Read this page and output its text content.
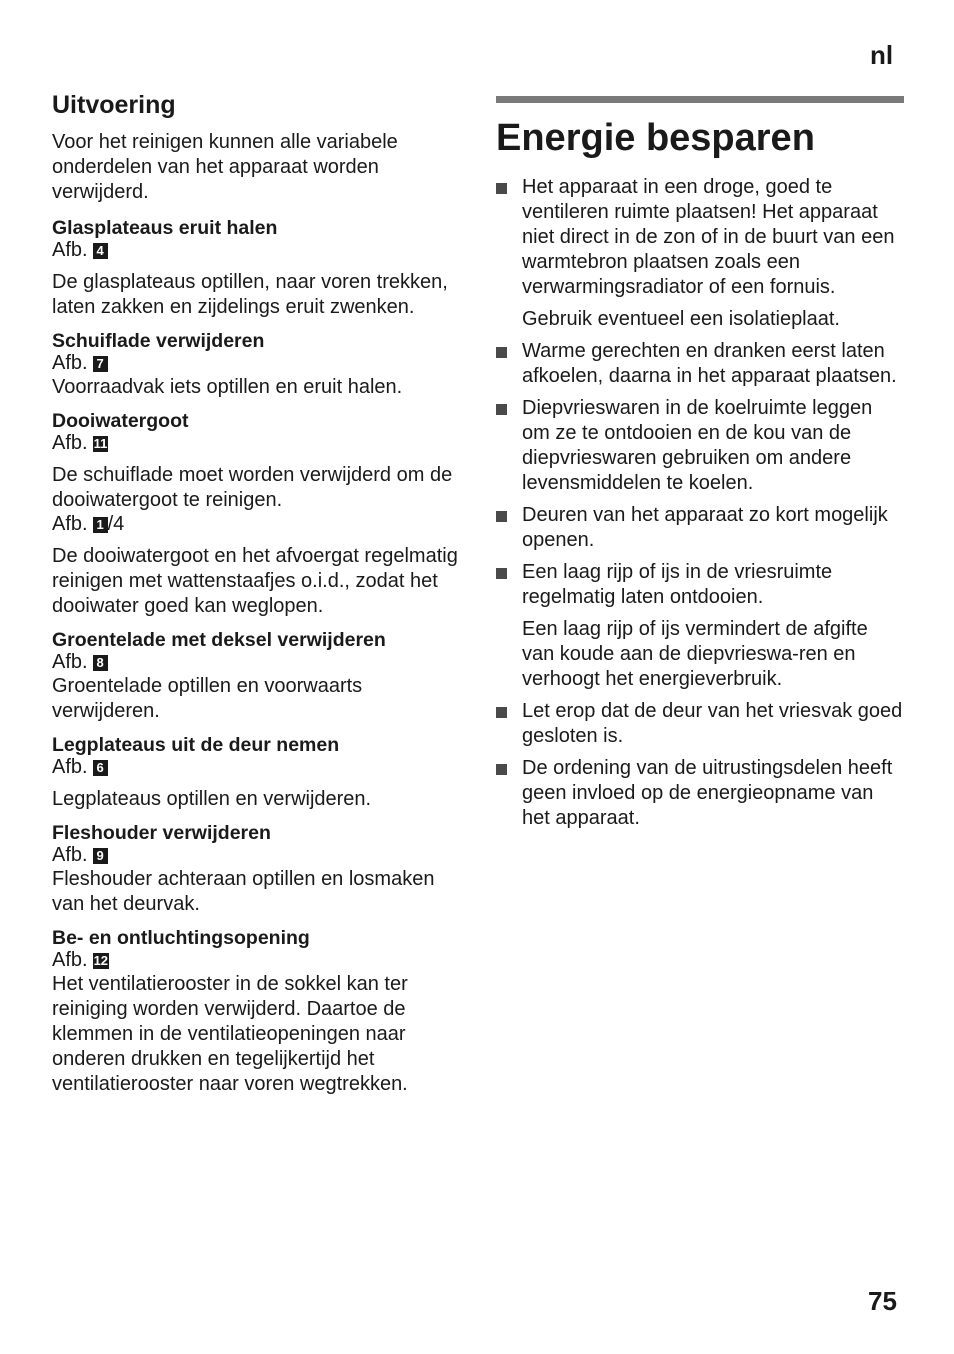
nl
Uitvoering

Voor het reinigen kunnen alle variabele onderdelen van het apparaat worden verwijderd.

Glasplateaus eruit halen
Afb. 4

De glasplateaus optillen, naar voren trekken, laten zakken en zijdelings eruit zwenken.

Schuiflade verwijderen
Afb. 7

Voorraadvak iets optillen en eruit halen.

Dooiwatergoot
Afb. 11

De schuiflade moet worden verwijderd om de dooiwatergoot te reinigen.

Afb. 1 /4

De dooiwatergoot en het afvoergat regelmatig reinigen met wattenstaafjes o.i.d., zodat het dooiwater goed kan weglopen.

Groentelade met deksel verwijderen
Afb. 8

Groentelade optillen en voorwaarts verwijderen.

Legplateaus uit de deur nemen
Afb. 6

Legplateaus optillen en verwijderen.

Fleshouder verwijderen
Afb. 9

Fleshouder achteraan optillen en losmaken van het deurvak.

Be- en ontluchtingsopening
Afb. 12

Het ventilatierooster in de sokkel kan ter reiniging worden verwijderd. Daartoe de klemmen in de ventilatieopeningen naar onderen drukken en tegelijkertijd het ventilatierooster naar voren wegtrekken.

Energie besparen
Het apparaat in een droge, goed te ventileren ruimte plaatsen! Het apparaat niet direct in de zon of in de buurt van een warmtebron plaatsen zoals een verwarmingsradiator of een fornuis.
Gebruik eventueel een isolatieplaat.
Warme gerechten en dranken eerst laten afkoelen, daarna in het apparaat plaatsen.
Diepvrieswaren in de koelruimte leggen om ze te ontdooien en de kou van de diepvrieswaren gebruiken om andere levensmiddelen te koelen.
Deuren van het apparaat zo kort mogelijk openen.
Een laag rijp of ijs in de vriesruimte regelmatig laten ontdooien.
Een laag rijp of ijs vermindert de afgifte van koude aan de diepvrieswa-ren en verhoogt het energieverbruik.
Let erop dat de deur van het vriesvak goed gesloten is.
De ordening van de uitrustingsdelen heeft geen invloed op de energieopname van het apparaat.
75
